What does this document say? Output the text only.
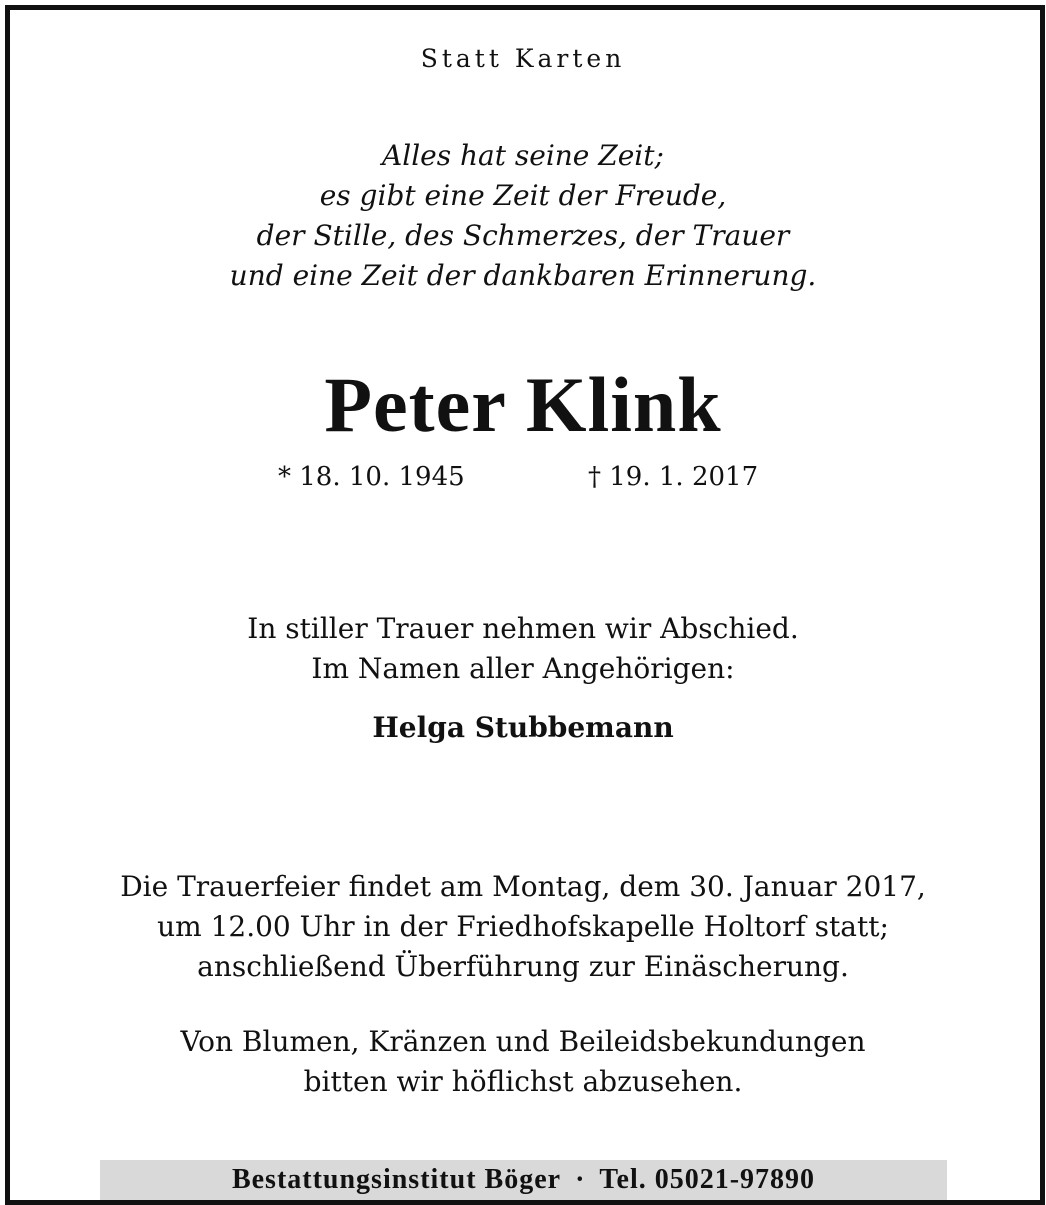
Statt Karten
Alles hat seine Zeit;
es gibt eine Zeit der Freude,
der Stille, des Schmerzes, der Trauer
und eine Zeit der dankbaren Erinnerung.
Peter Klink
* 18. 10. 1945	† 19. 1. 2017
In stiller Trauer nehmen wir Abschied.
Im Namen aller Angehörigen:
Helga Stubbemann
Die Trauerfeier findet am Montag, dem 30. Januar 2017,
um 12.00 Uhr in der Friedhofskapelle Holtorf statt;
anschließend Überführung zur Einäscherung.
Von Blumen, Kränzen und Beileidsbekundungen
bitten wir höflichst abzusehen.
Bestattungsinstitut Böger · Tel. 05021-97890
